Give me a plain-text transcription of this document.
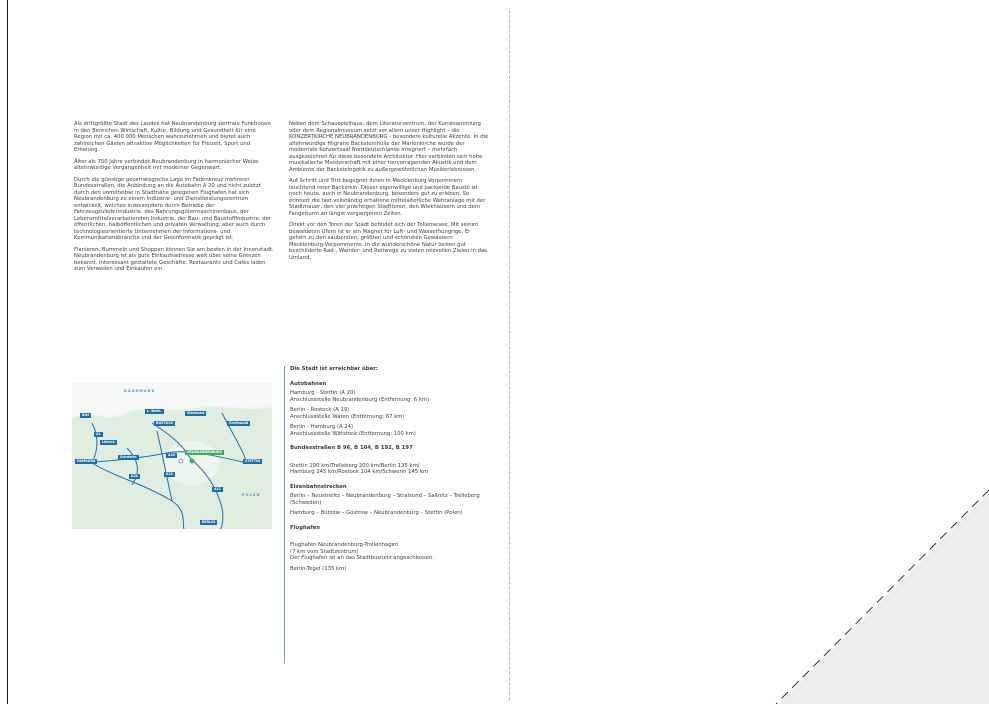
Als drittgrößte Stadt des Landes hat Neubrandenburg zentrale Funktionen in den Bereichen Wirtschaft, Kultur, Bildung und Gesundheit für eine Region mit ca. 400 000 Menschen wahrzunehmen und bietet auch zahlreichen Gästen attraktive Möglichkeiten für Freizeit, Sport und Erholung.

Älter als 750 Jahre verbindet Neubrandenburg in harmonischer Weise altehrwürdige Vergangenheit mit moderner Gegenwart.

Durch die günstige geostrategische Lage im Fadenkreuz mehrerer Bundesstraßen, die Anbindung an die Autobahn A 20 und nicht zuletzt durch den unmittelbar in Stadtnähe gelegenen Flughafen hat sich Neubrandenburg zu einem Industrie- und Dienstleistungszentrum entwickelt, welches insbesondere durch Betriebe der Fahrzeugzulieferindustrie, des Nahrungsgütermaschinenbaus, der Lebensmittelverarbeitenden Industrie, der Bau- und Baustoffindustrie, der öffentlichen, halböffentlichen und privaten Verwaltung, aber auch durch technologieorientierte Unternehmen der Informations- und Kommunikationsbranche und der Geoinformatik geprägt ist.

Flanieren, Bummeln und Shoppen können Sie am besten in der Innenstadt. Neubrandenburg ist als gute Einkaufsadresse weit über seine Grenzen bekannt. Interessant gestaltete Geschäfte, Restaurants und Cafés laden zum Verweilen und Einkaufen ein.

Neben dem Schauspielhaus, dem Literaturzentrum, der Kunstsammlung oder dem Regionalmuseum setzt vor allem unser Highlight – die KONZERTKIRCHE NEUBRANDENBURG - besondere kulturelle Akzente. In die altehrwürdige filigrane Backsteinhülle der Marienkirche wurde der modernste Konzertsaal Norddeutschlands integriert – mehrfach ausgezeichnet für diese besondere Architektur. Hier verbinden sich hohe musikalische Meisterschaft mit einer hervorragenden Akustik und dem Ambiente der Backsteingotik zu außergewöhnlichen Musikerlebnissen.

Auf Schritt und Tritt begegnet Ihnen in Mecklenburg-Vorpommern leuchtend roter Backstein. Dieser eigenwillige und packende Baustil ist noch heute, auch in Neubrandenburg, besonders gut zu erleben. So erinnert die fast vollständig erhaltene mittelalterliche Wehranlage mit der Stadtmauer, den vier prächtigen Stadttoren, den Wiekhäusern und dem Fangelturm an längst vergangenen Zeiten.

Direkt vor den Toren der Stadt befindet sich der Tollensesee. Mit seinen bewaldeten Ufern ist er ein Magnet für Luft- und Wasserhungrige. Er gehört zu den saubersten, größten und schönsten Gewässern Mecklenburg-Vorpommerns. In die wunderschöne Natur locken gut beschilderte Rad-, Wander- und Reitwege zu vielen reizvollen Zielen in das Umland.

DÄNEMARK
POLEN
Kiel
Lübeck
HAMBURG
Schwerin
ROSTOCK
L. Beeb.	Stralsund
Greifswald
NEUBRANDENBURG
STETTIN
BERLIN
A1
A20
A24	A19
A11
Die Stadt ist erreichbar über:
Autobahnen
Hamburg - Stettin (A 20)
Anschlussstelle Neubrandenburg (Entfernung: 6 km)
Berlin - Rostock (A 19)
Anschlussstelle Waren (Entfernung: 67 km)
Berlin - Hamburg (A 24)
Anschlussstelle Wittstock (Entfernung: 100 km)
Bundesstraßen B 96, B 104, B 192, B 197
Stettin 100 km/Trelleborg 200 km/Berlin 135 km/
Hamburg 245 km/Rostock 104 km/Schwerin 145 km
Eisenbahnstrecken
Berlin – Neustrelitz – Neubrandenburg – Stralsund – Saßnitz – Trelleborg (Schweden)
Hamburg – Bützow – Güstrow – Neubrandenburg – Stettin (Polen)
Flughafen
Flughafen Neubrandenburg-Trollenhagen
(7 km vom Stadtzentrum)
Der Flughafen ist an das Stadtbusnetz angeschlossen.
Berlin-Tegel (135 km)
